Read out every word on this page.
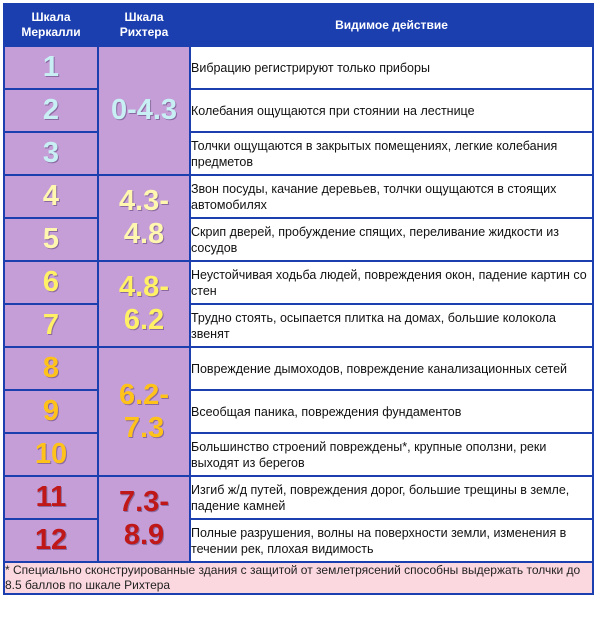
Шкала Меркалли	Шкала Рихтера	Видимое действие
1	0-4.3	Вибрацию регистрируют только приборы
2		Колебания ощущаются при стоянии на лестнице
3		Толчки ощущаются в закрытых помещениях, легкие колебания предметов
4	4.3-4.8	Звон посуды, качание деревьев, толчки ощущаются в стоящих автомобилях
5		Скрип дверей, пробуждение спящих, переливание жидкости из сосудов
6	4.8-6.2	Неустойчивая ходьба людей, повреждения окон, падение картин со стен
7		Трудно стоять, осыпается плитка на домах, большие колокола звенят
8	6.2-7.3	Повреждение дымоходов, повреждение канализационных сетей
9		Всеобщая паника, повреждения фундаментов
10		Большинство строений повреждены*, крупные оползни, реки выходят из берегов
11	7.3-8.9	Изгиб ж/д путей, повреждения дорог, большие трещины в земле, падение камней
12		Полные разрушения, волны на поверхности земли, изменения в течении рек, плохая видимость
* Специально сконструированные здания с защитой от землетрясений способны выдержать толчки до 8.5 баллов по шкале Рихтера		
